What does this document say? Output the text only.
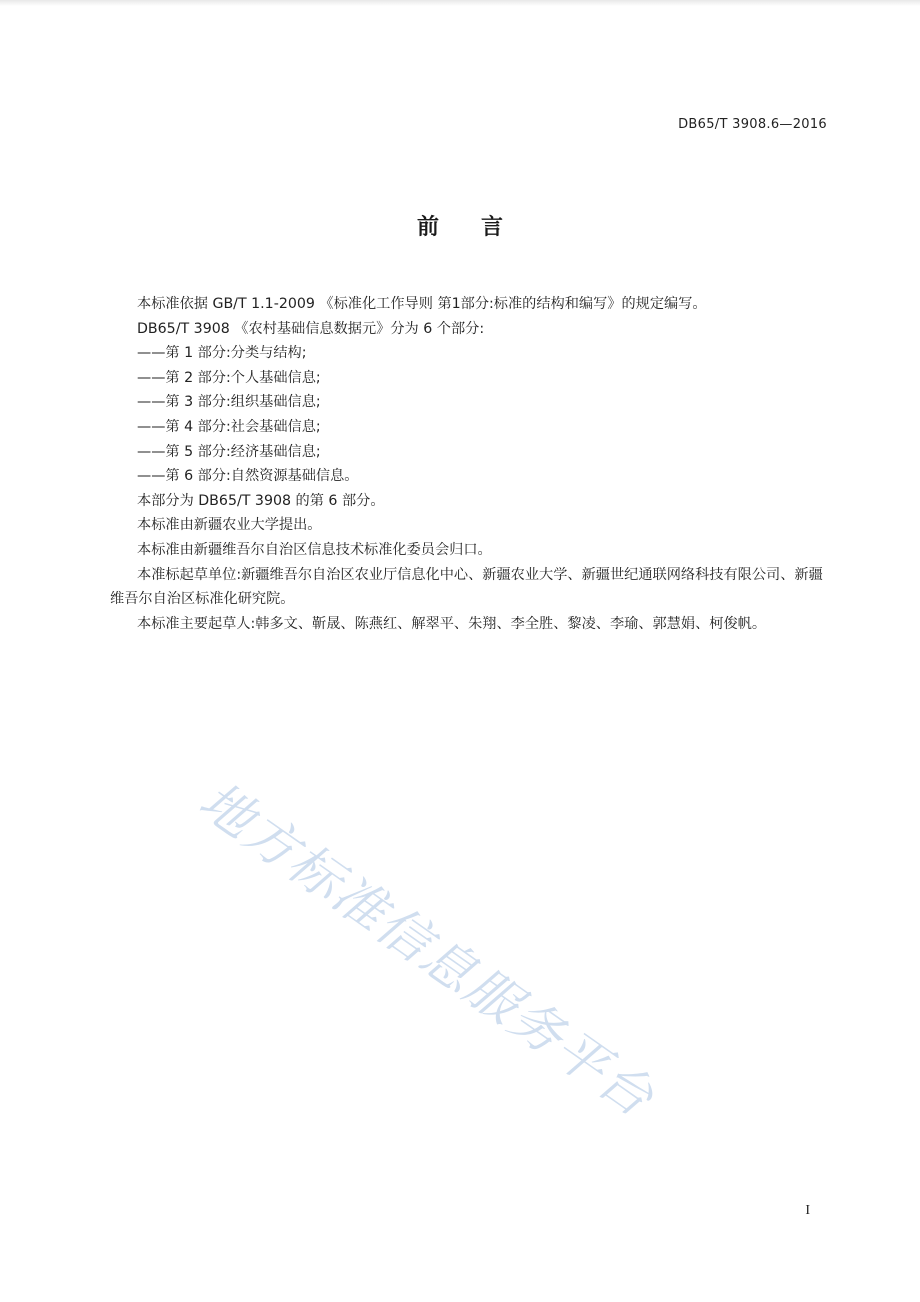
DB65/T 3908.6—2016
前言

本标准依据 GB/T 1.1-2009 《标准化工作导则 第1部分:标准的结构和编写》的规定编写。

DB65/T 3908 《农村基础信息数据元》分为 6 个部分:

——第 1 部分:分类与结构;

——第 2 部分:个人基础信息;

——第 3 部分:组织基础信息;

——第 4 部分:社会基础信息;

——第 5 部分:经济基础信息;

——第 6 部分:自然资源基础信息。

本部分为 DB65/T 3908 的第 6 部分。

本标准由新疆农业大学提出。

本标准由新疆维吾尔自治区信息技术标准化委员会归口。

本准标起草单位:新疆维吾尔自治区农业厅信息化中心、新疆农业大学、新疆世纪通联网络科技有限公司、新疆维吾尔自治区标准化研究院。

本标准主要起草人:韩多文、靳晟、陈燕红、解翠平、朱翔、李全胜、黎凌、李瑜、郭慧娟、柯俊帆。

地方标准信息服务平台
I
